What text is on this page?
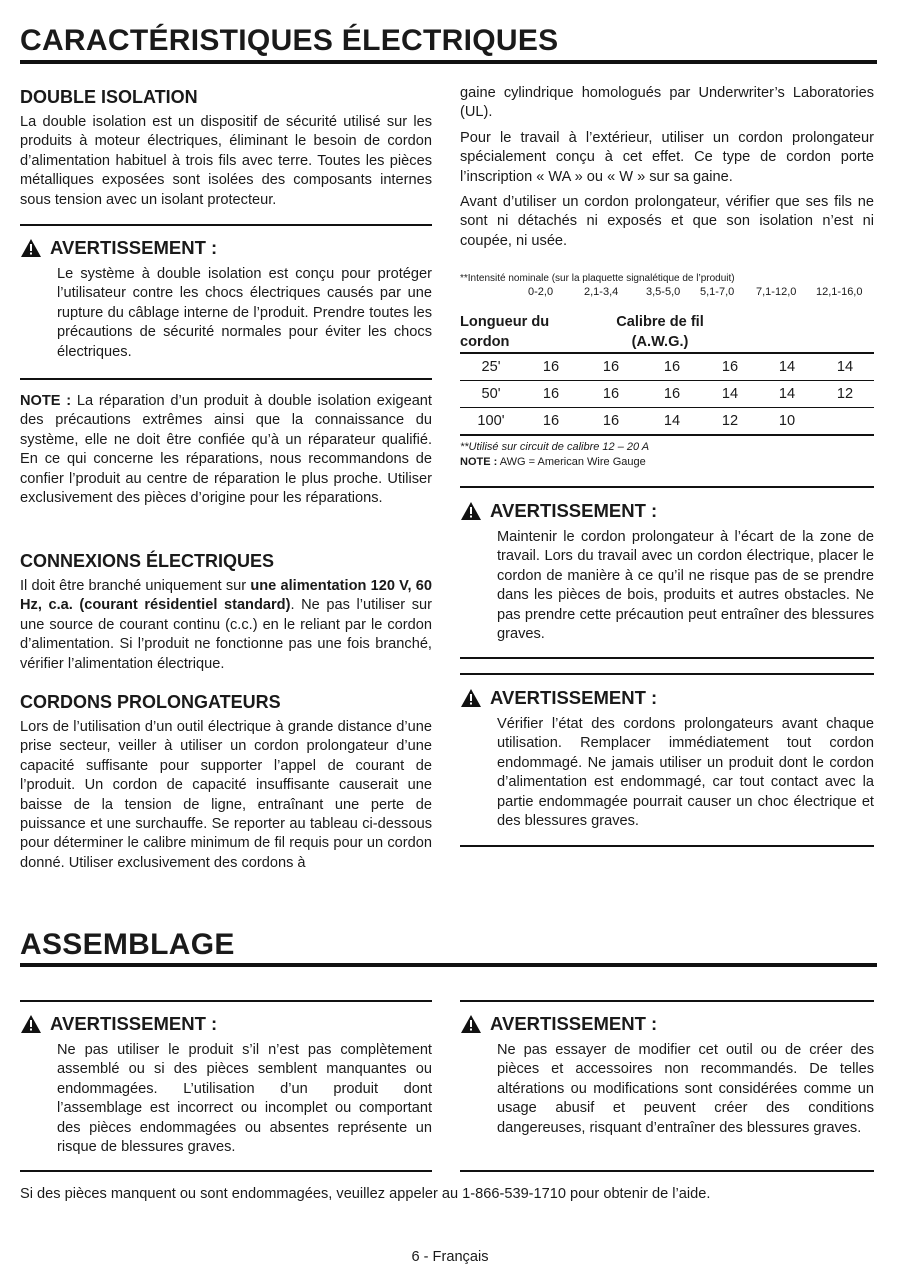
CARACTÉRISTIQUES ÉLECTRIQUES
DOUBLE ISOLATION

La double isolation est un dispositif de sécurité utilisé sur les produits à moteur électriques, éliminant le besoin de cordon d’alimentation habituel à trois fils avec terre. Toutes les pièces métalliques exposées sont isolées des composants internes sous tension avec un isolant protecteur.

AVERTISSEMENT :

Le système à double isolation est conçu pour protéger l’utilisateur contre les chocs électriques causés par une rupture du câblage interne de l’produit. Prendre toutes les précautions de sécurité normales pour éviter les chocs électriques.

NOTE : La réparation d’un produit à double isolation exigeant des précautions extrêmes ainsi que la connaissance du système, elle ne doit être confiée qu’à un réparateur qualifié. En ce qui concerne les réparations, nous recommandons de confier l’produit au centre de réparation le plus proche. Utiliser exclusivement des pièces d’origine pour les réparations.

CONNEXIONS ÉLECTRIQUES

Il doit être branché uniquement sur une alimentation 120 V, 60 Hz, c.a. (courant résidentiel standard). Ne pas l’utiliser sur une source de courant continu (c.c.) en le reliant par le cordon d’alimentation. Si l’produit ne fonctionne pas une fois branché, vérifier l’alimentation électrique.

CORDONS PROLONGATEURS

Lors de l’utilisation d’un outil électrique à grande distance d’une prise secteur, veiller à utiliser un cordon prolongateur d’une capacité suffisante pour supporter l’appel de courant de l’produit. Un cordon de capacité insuffisante causerait une baisse de la tension de ligne, entraînant une perte de puissance et une surchauffe. Se reporter au tableau ci-dessous pour déterminer le calibre minimum de fil requis pour un cordon donné. Utiliser exclusivement des cordons à

gaine cylindrique homologués par Underwriter’s Laboratories (UL).

Pour le travail à l’extérieur, utiliser un cordon prolongateur spécialement conçu à cet effet. Ce type de cordon porte l’inscription « WA » ou « W » sur sa gaine.

Avant d’utiliser un cordon prolongateur, vérifier que ses fils ne sont ni détachés ni exposés et que son isolation n’est ni coupée, ni usée.

**Intensité nominale (sur la plaquette signalétique de l’produit)
0-2,0	2,1-3,4	3,5-5,0 5,1-7,0 7,1-12,0 12,1-16,0
Longueur du
cordon
Calibre de fil
(A.W.G.)
25'	16	16	16	16	14	14
50'	16	16	16	14	14	12
100'	16	16	14	12	10	
**Utilisé sur circuit de calibre 12 – 20 A
NOTE : AWG = American Wire Gauge
AVERTISSEMENT :

Maintenir le cordon prolongateur à l’écart de la zone de travail. Lors du travail avec un cordon électrique, placer le cordon de manière à ce qu’il ne risque pas de se prendre dans les pièces de bois, produits et autres obstacles. Ne pas prendre cette précaution peut entraîner des blessures graves.

AVERTISSEMENT :

Vérifier l’état des cordons prolongateurs avant chaque utilisation. Remplacer immédiatement tout cordon endommagé. Ne jamais utiliser un produit dont le cordon d’alimentation est endommagé, car tout contact avec la partie endommagée pourrait causer un choc électrique et des blessures graves.

ASSEMBLAGE
AVERTISSEMENT :

Ne pas utiliser le produit s’il n’est pas complètement assemblé ou si des pièces semblent manquantes ou endommagées. L’utilisation d’un produit dont l’assemblage est incorrect ou incomplet ou comportant des pièces endommagées ou absentes représente un risque de blessures graves.

AVERTISSEMENT :

Ne pas essayer de modifier cet outil ou de créer des pièces et accessoires non recommandés. De telles altérations ou modifications sont considérées comme un usage abusif et peuvent créer des conditions dangereuses, risquant d’entraîner des blessures graves.

Si des pièces manquent ou sont endommagées, veuillez appeler au 1-866-539-1710 pour obtenir de l’aide.
6 - Français
